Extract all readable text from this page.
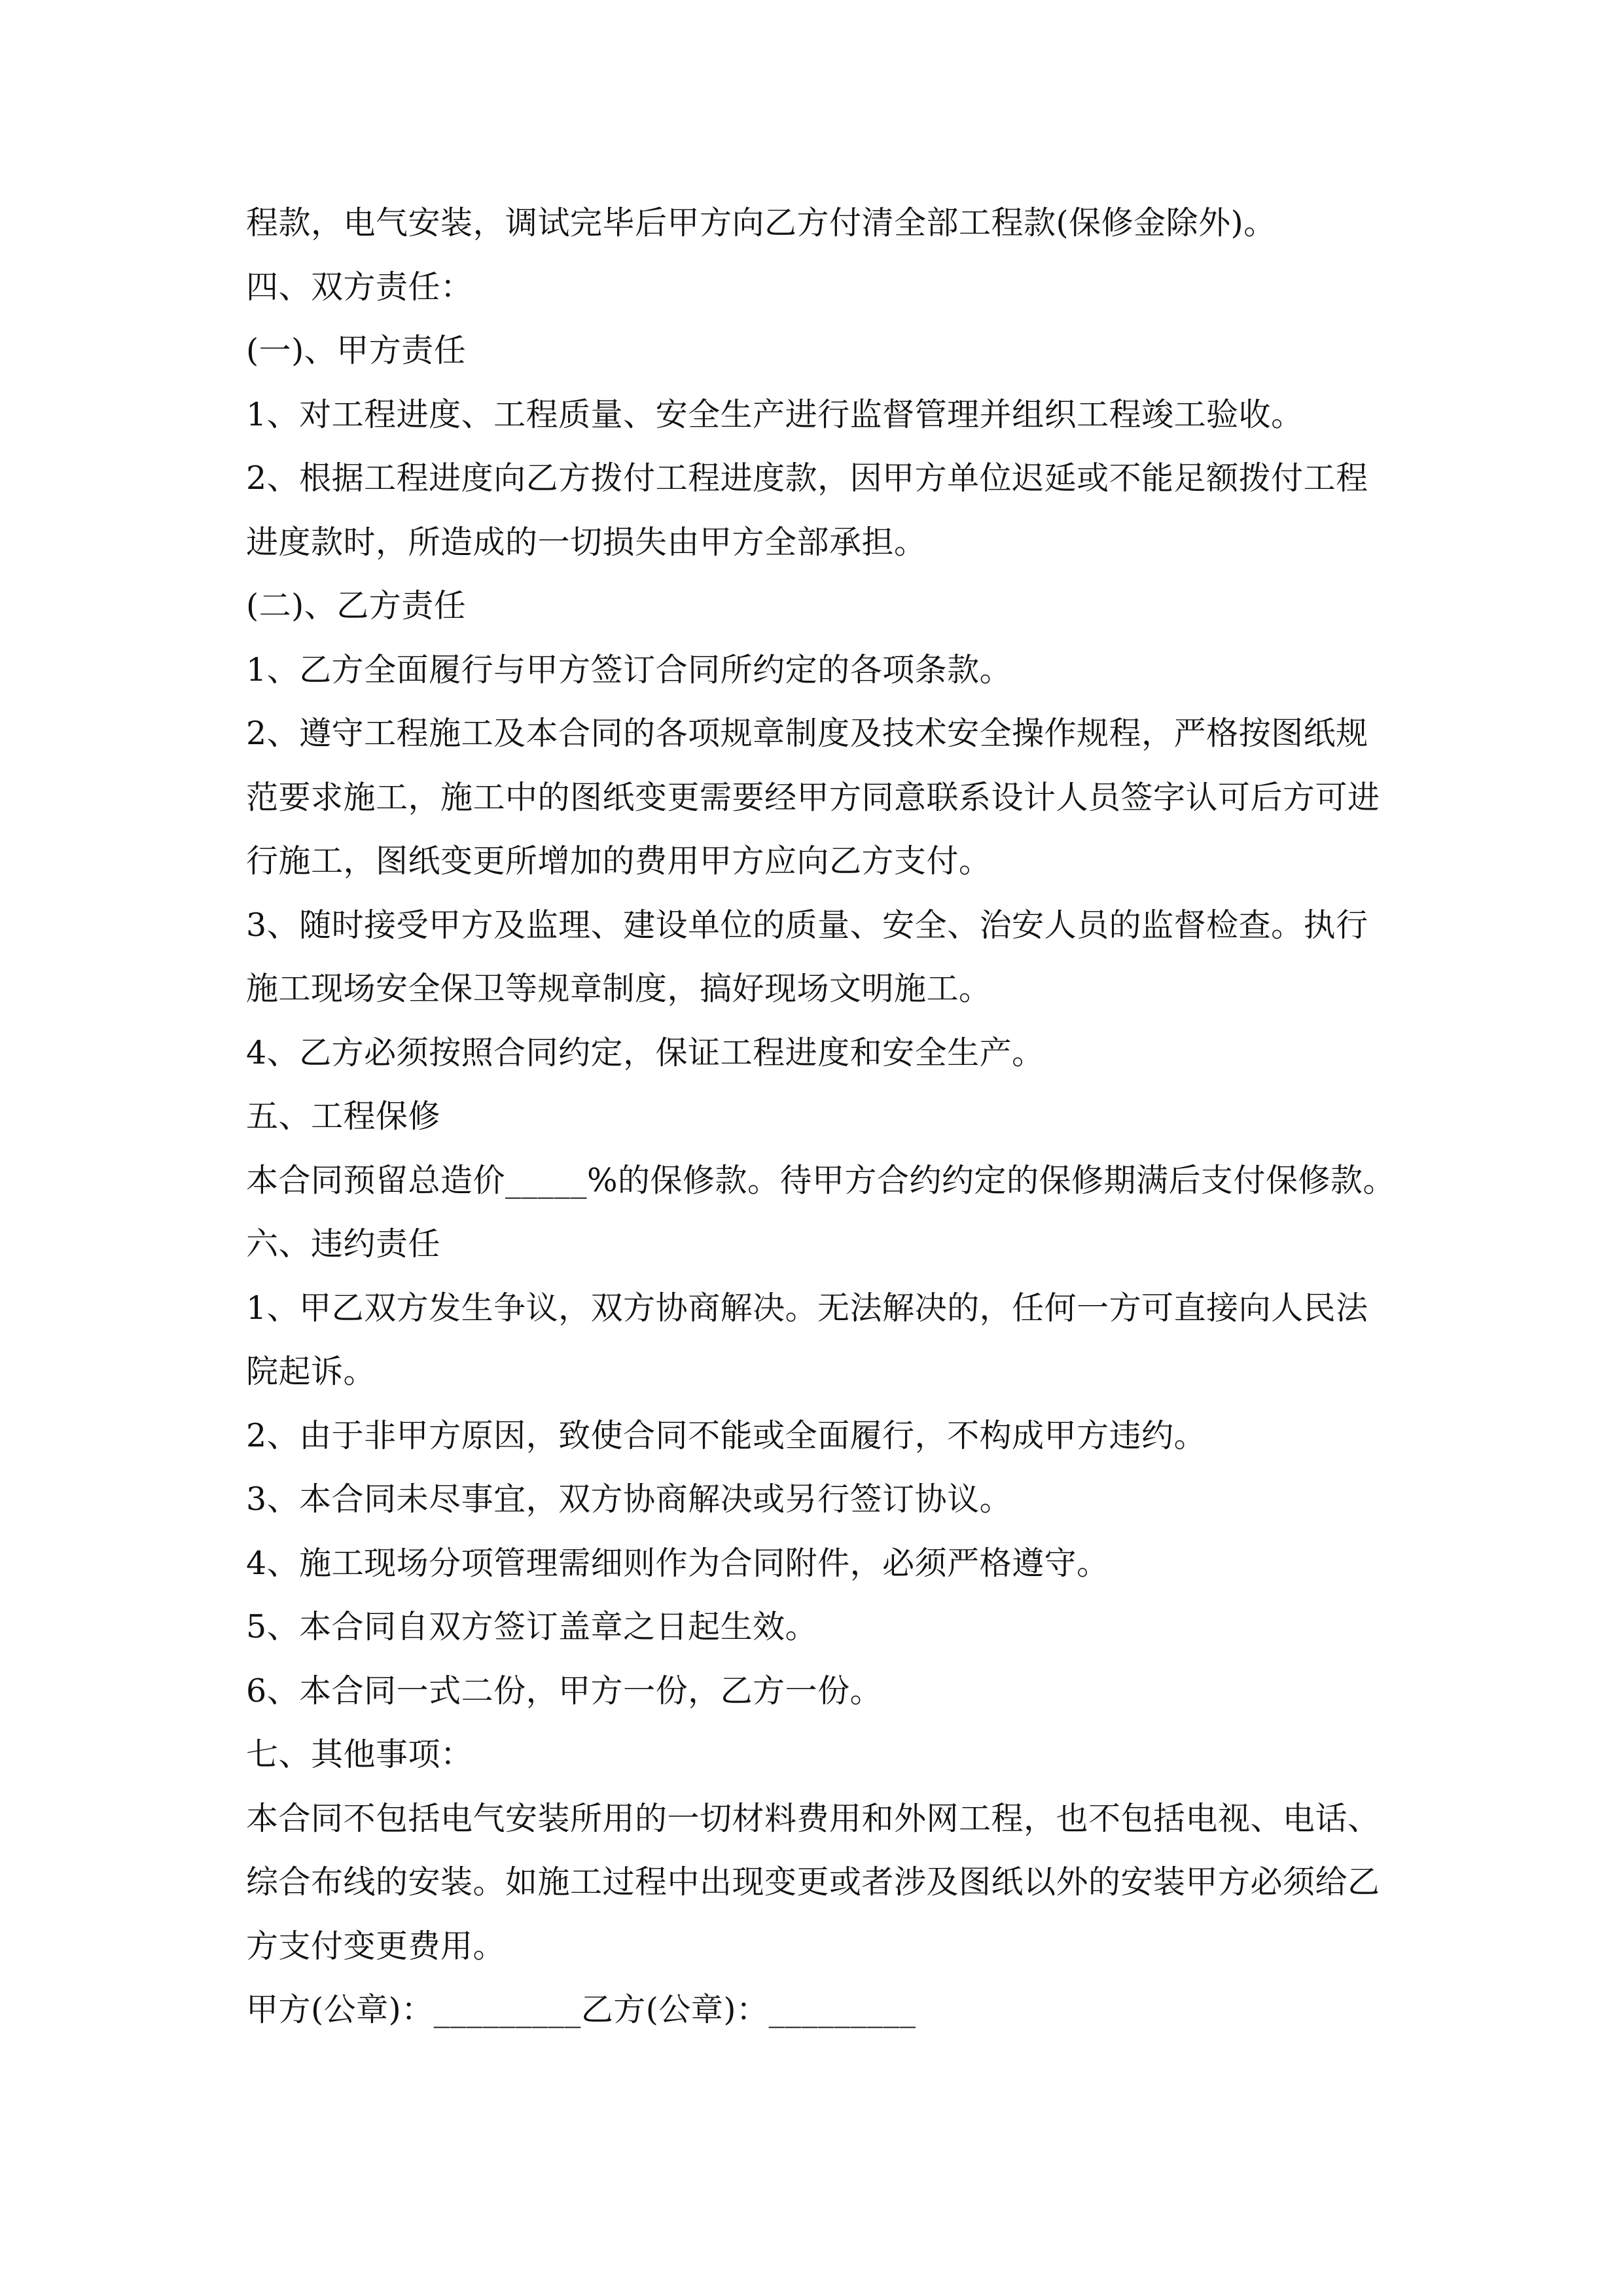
程款，电气安装，调试完毕后甲方向乙方付清全部工程款(保修金除外)。
四、双方责任：
(一)、甲方责任
1、对工程进度、工程质量、安全生产进行监督管理并组织工程竣工验收。
2、根据工程进度向乙方拨付工程进度款，因甲方单位迟延或不能足额拨付工程
进度款时，所造成的一切损失由甲方全部承担。
(二)、乙方责任
1、乙方全面履行与甲方签订合同所约定的各项条款。
2、遵守工程施工及本合同的各项规章制度及技术安全操作规程，严格按图纸规
范要求施工，施工中的图纸变更需要经甲方同意联系设计人员签字认可后方可进
行施工，图纸变更所增加的费用甲方应向乙方支付。
3、随时接受甲方及监理、建设单位的质量、安全、治安人员的监督检查。执行
施工现场安全保卫等规章制度，搞好现场文明施工。
4、乙方必须按照合同约定，保证工程进度和安全生产。
五、工程保修
本合同预留总造价_____%的保修款。待甲方合约约定的保修期满后支付保修款。
六、违约责任
1、甲乙双方发生争议，双方协商解决。无法解决的，任何一方可直接向人民法
院起诉。
2、由于非甲方原因，致使合同不能或全面履行，不构成甲方违约。
3、本合同未尽事宜，双方协商解决或另行签订协议。
4、施工现场分项管理需细则作为合同附件，必须严格遵守。
5、本合同自双方签订盖章之日起生效。
6、本合同一式二份，甲方一份，乙方一份。
七、其他事项：
本合同不包括电气安装所用的一切材料费用和外网工程，也不包括电视、电话、
综合布线的安装。如施工过程中出现变更或者涉及图纸以外的安装甲方必须给乙
方支付变更费用。
甲方(公章)：_________乙方(公章)：_________
